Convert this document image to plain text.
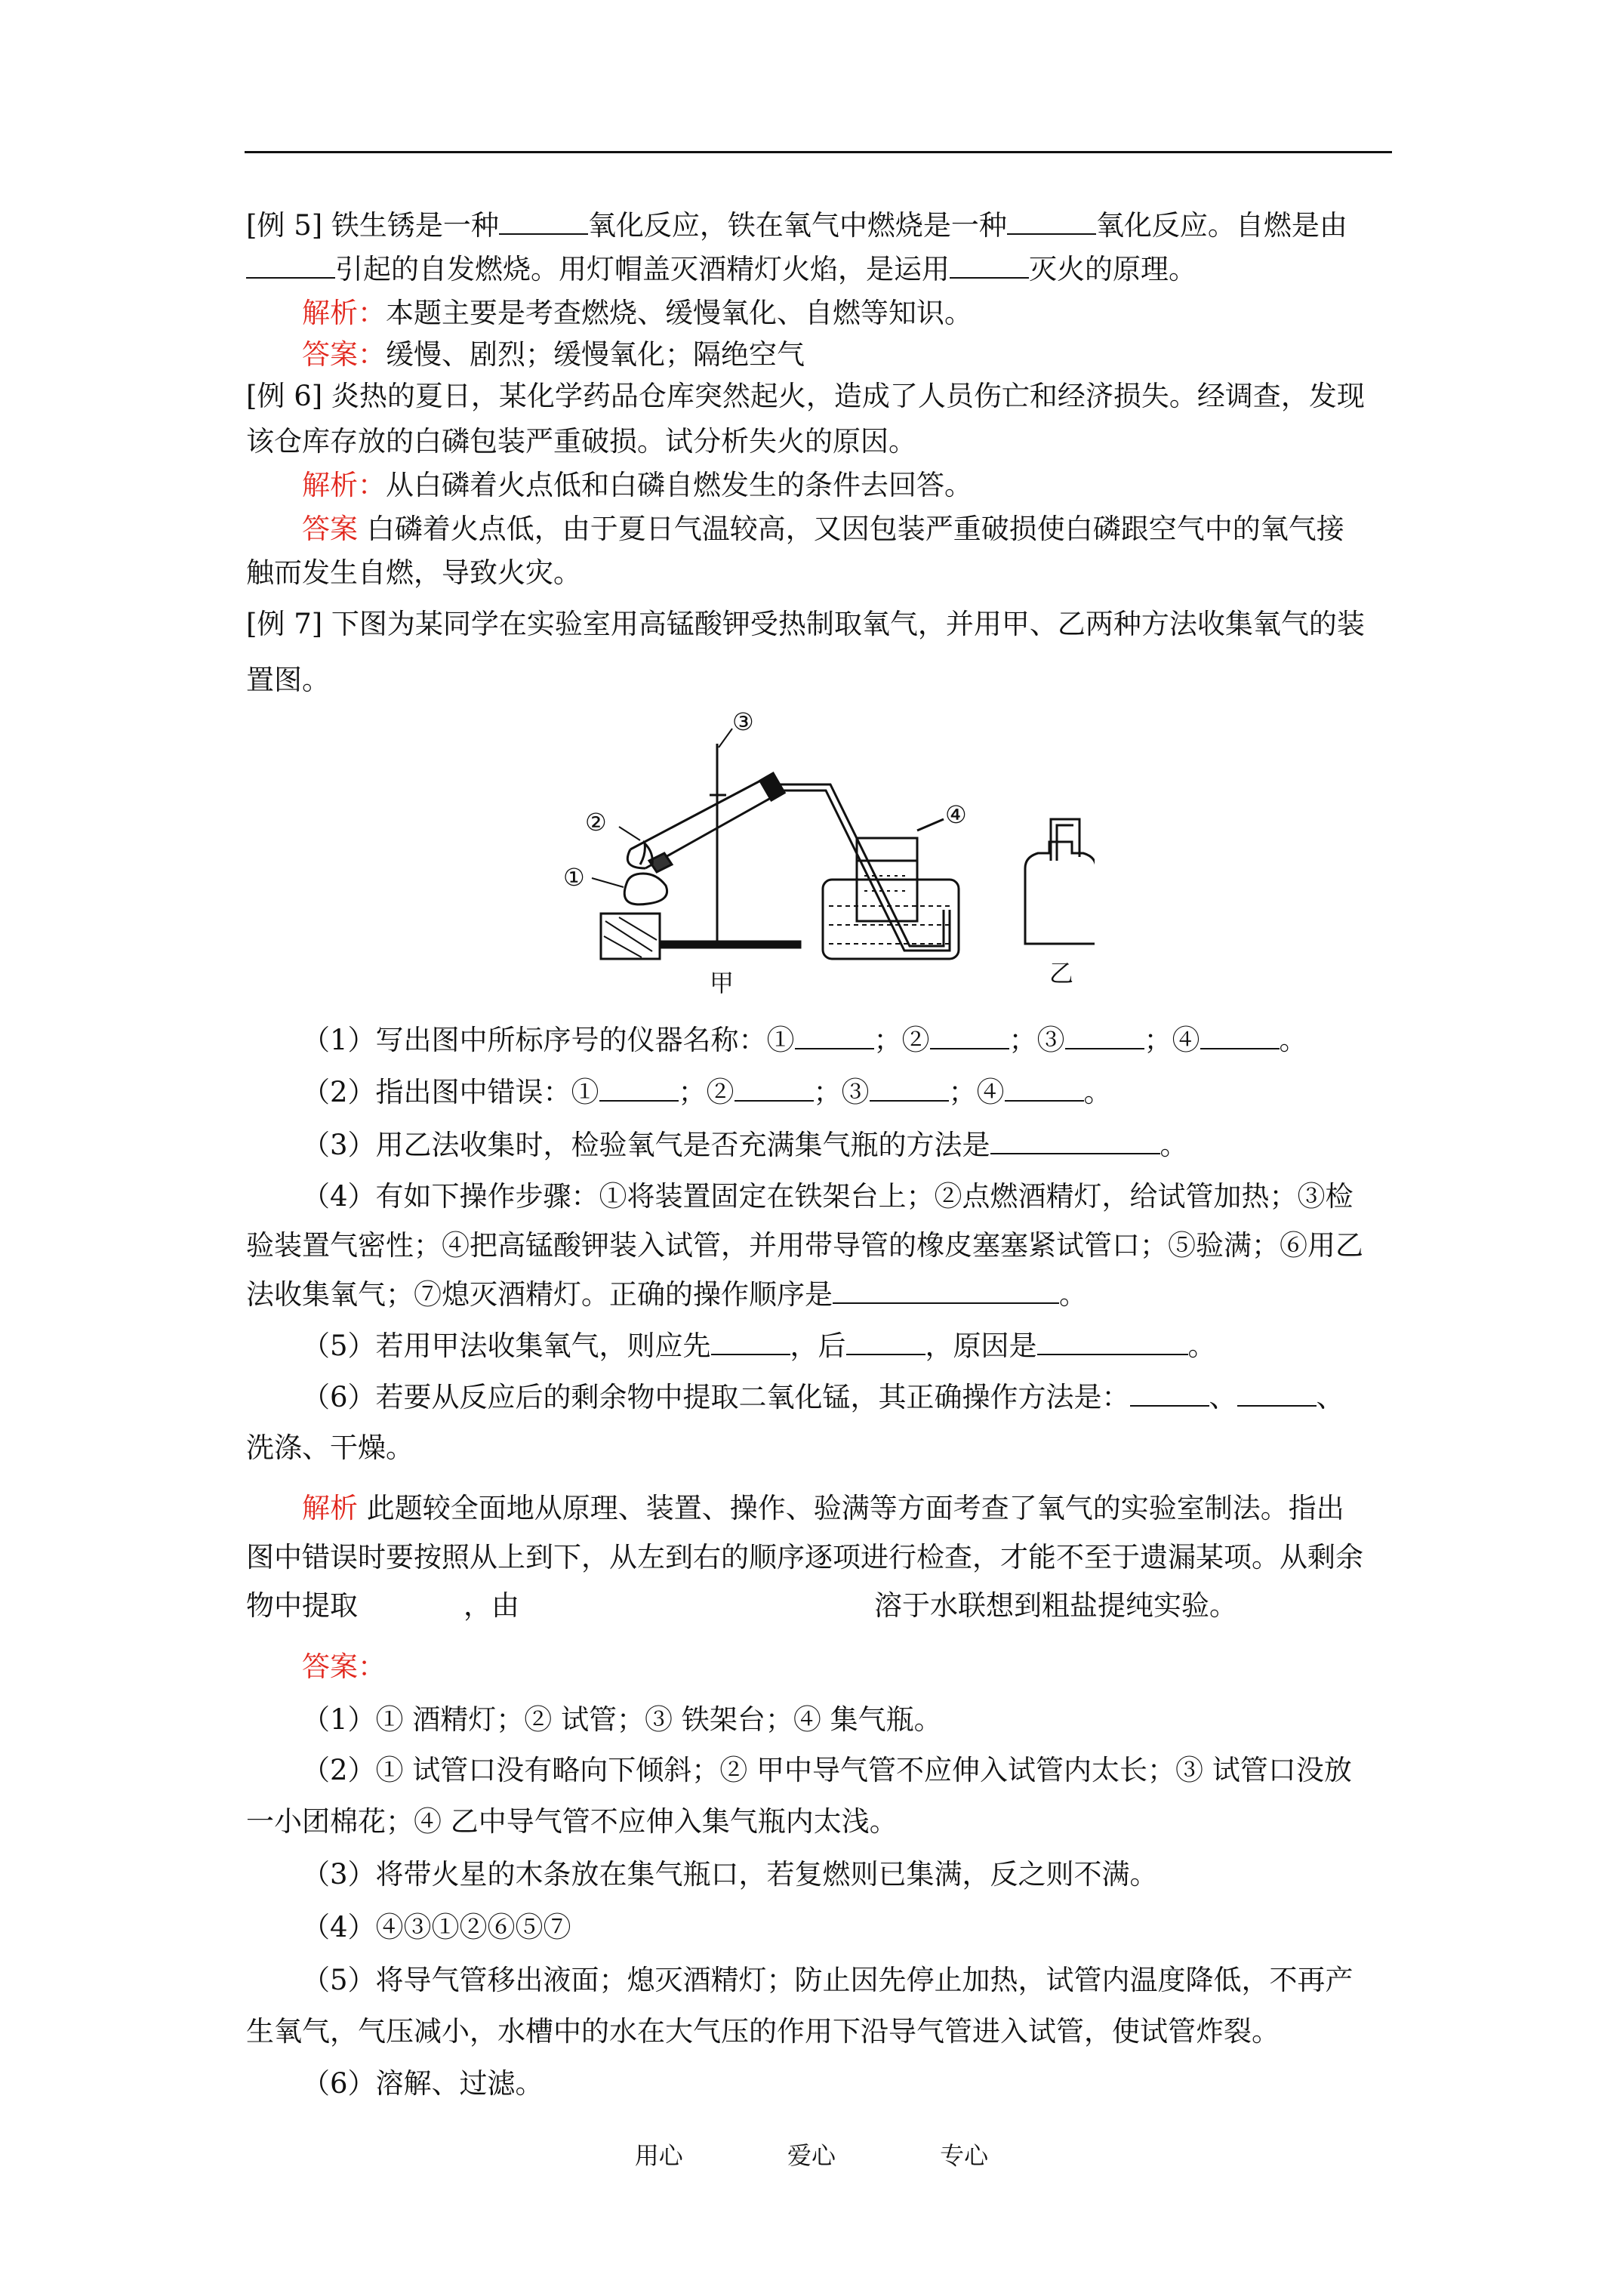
[例 5] 铁生锈是一种	氧化反应，铁在氧气中燃烧是一种	氧化反应。自燃是由
引起的自发燃烧。用灯帽盖灭酒精灯火焰，是运用	灭火的原理。
解析：本题主要是考查燃烧、缓慢氧化、自燃等知识。
答案：缓慢、剧烈；缓慢氧化；隔绝空气
[例 6] 炎热的夏日，某化学药品仓库突然起火，造成了人员伤亡和经济损失。经调查，发现
该仓库存放的白磷包装严重破损。试分析失火的原因。
解析：从白磷着火点低和白磷自燃发生的条件去回答。
答案 白磷着火点低，由于夏日气温较高，又因包装严重破损使白磷跟空气中的氧气接
触而发生自燃，导致火灾。
[例 7] 下图为某同学在实验室用高锰酸钾受热制取氧气，并用甲、乙两种方法收集氧气的装
置图。
②
③
①
④
甲	乙
（1）写出图中所标序号的仪器名称：①	；②	；③	；④	。
（2）指出图中错误：①	；②	；③	；④	。
（3）用乙法收集时，检验氧气是否充满集气瓶的方法是	。
（4）有如下操作步骤：①将装置固定在铁架台上；②点燃酒精灯，给试管加热；③检
验装置气密性；④把高锰酸钾装入试管，并用带导管的橡皮塞塞紧试管口；⑤验满；⑥用乙
法收集氧气；⑦熄灭酒精灯。正确的操作顺序是	。
（5）若用甲法收集氧气，则应先	，后	，原因是	。
（6）若要从反应后的剩余物中提取二氧化锰，其正确操作方法是：	、	、
洗涤、干燥。
解析 此题较全面地从原理、装置、操作、验满等方面考查了氧气的实验室制法。指出
图中错误时要按照从上到下，从左到右的顺序逐项进行检查，才能不至于遗漏某项。从剩余
物中提取	，由	溶于水联想到粗盐提纯实验。
答案：
（1）① 酒精灯；② 试管；③ 铁架台；④ 集气瓶。
（2）① 试管口没有略向下倾斜；② 甲中导气管不应伸入试管内太长；③ 试管口没放
一小团棉花；④ 乙中导气管不应伸入集气瓶内太浅。
（3）将带火星的木条放在集气瓶口，若复燃则已集满，反之则不满。
（4）④③①②⑥⑤⑦
（5）将导气管移出液面；熄灭酒精灯；防止因先停止加热，试管内温度降低，不再产
生氧气，气压减小，水槽中的水在大气压的作用下沿导气管进入试管，使试管炸裂。
（6）溶解、过滤。
用心	爱心	专心
